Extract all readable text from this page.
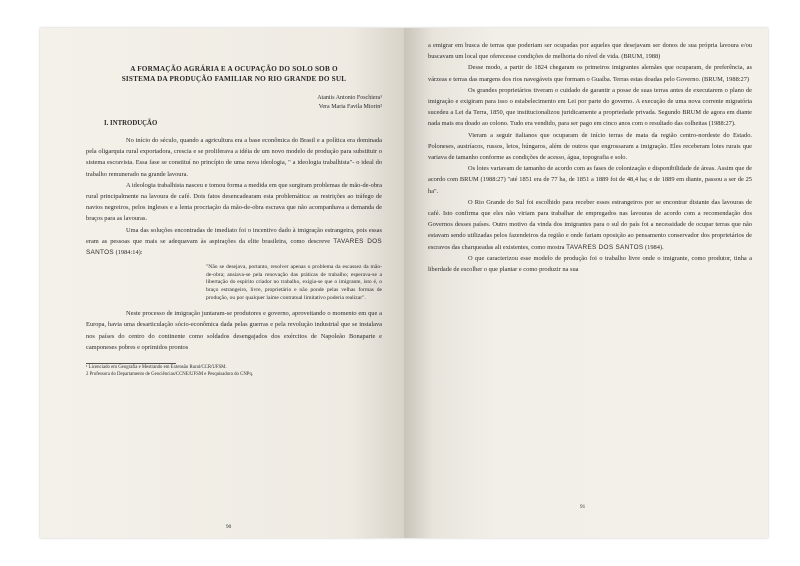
A FORMAÇÃO AGRÁRIA E A OCUPAÇÃO DO SOLO SOB O

SISTEMA DA PRODUÇÃO FAMILIAR NO RIO GRANDE DO SUL

Ataniis Antonio Foschiera¹
Vera Maria Favila Miorin²
I. INTRODUÇÃO

No início do século, quando a agricultura era a base econômica do Brasil e a política era dominada pela oligarquia rural exportadora, crescia e se proliferava a idéia de um novo modelo de produção para substituir o sistema escravista. Essa fase se constituí no princípio de uma nova ideologia, " a ideologia trabalhista"- o ideal do trabalho remunerado na grande lavoura.

A ideologia trabalhista nasceu e tomou forma a medida em que surgiram problemas de mão-de-obra rural principalmente na lavoura de café. Dois fatos desencadearam esta problemática: as restrições ao tráfego de navios negreiros, pelos ingleses e a lenta procriação da mão-de-obra escrava que não acompanhava a demanda de braços para as lavouras.

Uma das soluções encontradas de imediato foi o incentivo dado à imigração estrangeira, pois essas eram as pessoas que mais se adequavam às aspirações da elite brasileira, como descreve TAVARES DOS SANTOS (1984:14):

"Não se desejava, portanto, resolver apenas o problema da escassez da mão-de-obra; ansiava-se pela renovação das práticas de trabalho; esperava-se a libertação do espírito criador no trabalho, exigia-se que o imigrante, isto é, o braço estrangeiro, livre, proprietário e não ponde pelas velhas formas de produção, ou por qualquer laime contratual limitativo poderia realizar".

Neste processo de imigração juntaram-se produtores e governo, aproveitando o momento em que a Europa, havia uma desarticulação sócio-econômica dada pelas guerras e pela revolução industrial que se instalava nos países do centro do continente como soldados desengajados dos exércitos de Napoleão Bonaparte e camponeses pobres e oprimidos prontos

¹ Licenciado em Geografia e Mestrando em Extensão Rural/CCR/UFSM.
2 Professora do Departamento de Geociências/CCNE/UFSM e Pesquisadora do CNPq.
90

a emigrar em busca de terras que poderiam ser ocupadas por aqueles que desejavam ser donos de sua própria lavoura e/ou buscavam um local que oferecesse condições de melhoria do nível de vida. (BRUM, 1988)

Desse modo, a partir de 1824 chegaram os primeiros imigrantes alemães que ocuparam, de preferência, as várzeas e terras das margens dos rios navegáveis que formam o Guaíba. Terras estas doadas pelo Governo. (BRUM, 1988:27)

Os grandes proprietários tiveram o cuidado de garantir a posse de suas terras antes de executarem o plano de imigração e exigiram para isso o estabelecimento em Lei por parte do governo. A execução de uma nova corrente migratória sucedeu a Lei da Terra, 1850, que institucionalizou juridicamente a propriedade privada. Segundo BRUM de agora em diante nada mais era doado ao colono. Tudo era vendido, para ser pago em cinco anos com o resultado das colheitas (1988:27).

Vieram a seguir italianos que ocuparam de início terras de mata da região centro-nordeste do Estado. Poloneses, austríacos, russos, letos, húngaros, além de outros que engrossaram a imigração. Eles receberam lotes rurais que variava de tamanho conforme as condições de acesso, água, topografia e solo.

Os lotes variavam de tamanho de acordo com as fases de colonização e disponibilidade de áreas. Assim que de acordo com BRUM (1988:27) "até 1851 era de 77 ha, de 1851 a 1889 foi de 48,4 ha; e de 1889 em diante, passou a ser de 25 ha".

O Rio Grande do Sul foi escolhido para receber esses estrangeiros por se encontrar distante das lavouras de café. Isto confirma que eles não viriam para trabalhar de empregados nas lavouras de acordo com a recomendação dos Governos desses países. Outro motivo da vinda dos imigrantes para o sul do país foi a necessidade de ocupar terras que não estavam sendo utilizadas pelos fazendeiros da região e onde fariam oposição ao pensamento conservador dos proprietários de escravos das charqueadas ali existentes, como mostra TAVARES DOS SANTOS (1984).

O que caracterizou esse modelo de produção foi o trabalho livre onde o imigrante, como produtor, tinha a liberdade de escolher o que plantar e como produzir na sua

91
